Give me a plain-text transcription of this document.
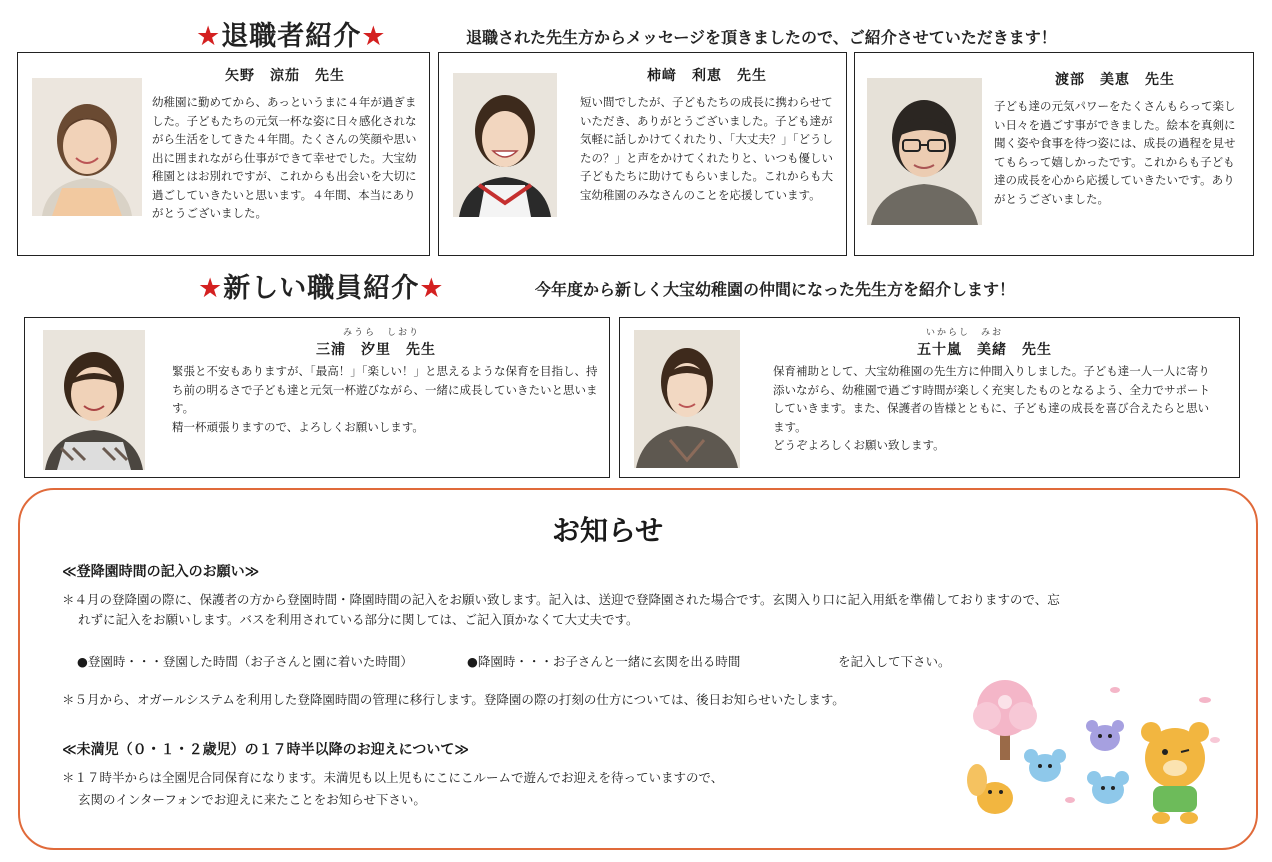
★退職者紹介★	退職された先生方からメッセージを頂きましたので、ご紹介させていただきます！
矢野　涼茄　先生
幼稚園に勤めてから、あっというまに４年が過ぎました。子どもたちの元気一杯な姿に日々感化されながら生活をしてきた４年間。たくさんの笑顔や思い出に囲まれながら仕事ができて幸せでした。大宝幼稚園とはお別れですが、これからも出会いを大切に過ごしていきたいと思います。４年間、本当にありがとうございました。
柿﨑　利恵　先生
短い間でしたが、子どもたちの成長に携わらせていただき、ありがとうございました。子ども達が気軽に話しかけてくれたり、「大丈夫？」「どうしたの？」と声をかけてくれたりと、いつも優しい子どもたちに助けてもらいました。これからも大宝幼稚園のみなさんのことを応援しています。
渡部　美恵　先生
子ども達の元気パワーをたくさんもらって楽しい日々を過ごす事ができました。絵本を真剣に聞く姿や食事を待つ姿には、成長の過程を見せてもらって嬉しかったです。これからも子ども達の成長を心から応援していきたいです。ありがとうございました。
★新しい職員紹介★	今年度から新しく大宝幼稚園の仲間になった先生方を紹介します！
みうら　しおり
三浦　汐里　先生
緊張と不安もありますが、「最高！」「楽しい！」と思えるような保育を目指し、持ち前の明るさで子ども達と元気一杯遊びながら、一緒に成長していきたいと思います。
精一杯頑張りますので、よろしくお願いします。
いからし　みお
五十嵐　美緒　先生
保育補助として、大宝幼稚園の先生方に仲間入りしました。子ども達一人一人に寄り添いながら、幼稚園で過ごす時間が楽しく充実したものとなるよう、全力でサポートしていきます。また、保護者の皆様とともに、子ども達の成長を喜び合えたらと思います。
どうぞよろしくお願い致します。
お知らせ
≪登降園時間の記入のお願い≫
＊４月の登降園の際に、保護者の方から登園時間・降園時間の記入をお願い致します。記入は、送迎で登降園された場合です。玄関入り口に記入用紙を準備しておりますので、忘
れずに記入をお願いします。バスを利用されている部分に関しては、ご記入頂かなくて大丈夫です。
●登園時・・・登園した時間（お子さんと園に着いた時間）	●降園時・・・お子さんと一緒に玄関を出る時間	を記入して下さい。
＊５月から、オガールシステムを利用した登降園時間の管理に移行します。登降園の際の打刻の仕方については、後日お知らせいたします。
≪未満児（０・１・２歳児）の１７時半以降のお迎えについて≫
＊１７時半からは全園児合同保育になります。未満児も以上児もにこにこルームで遊んでお迎えを待っていますので、
玄関のインターフォンでお迎えに来たことをお知らせ下さい。
